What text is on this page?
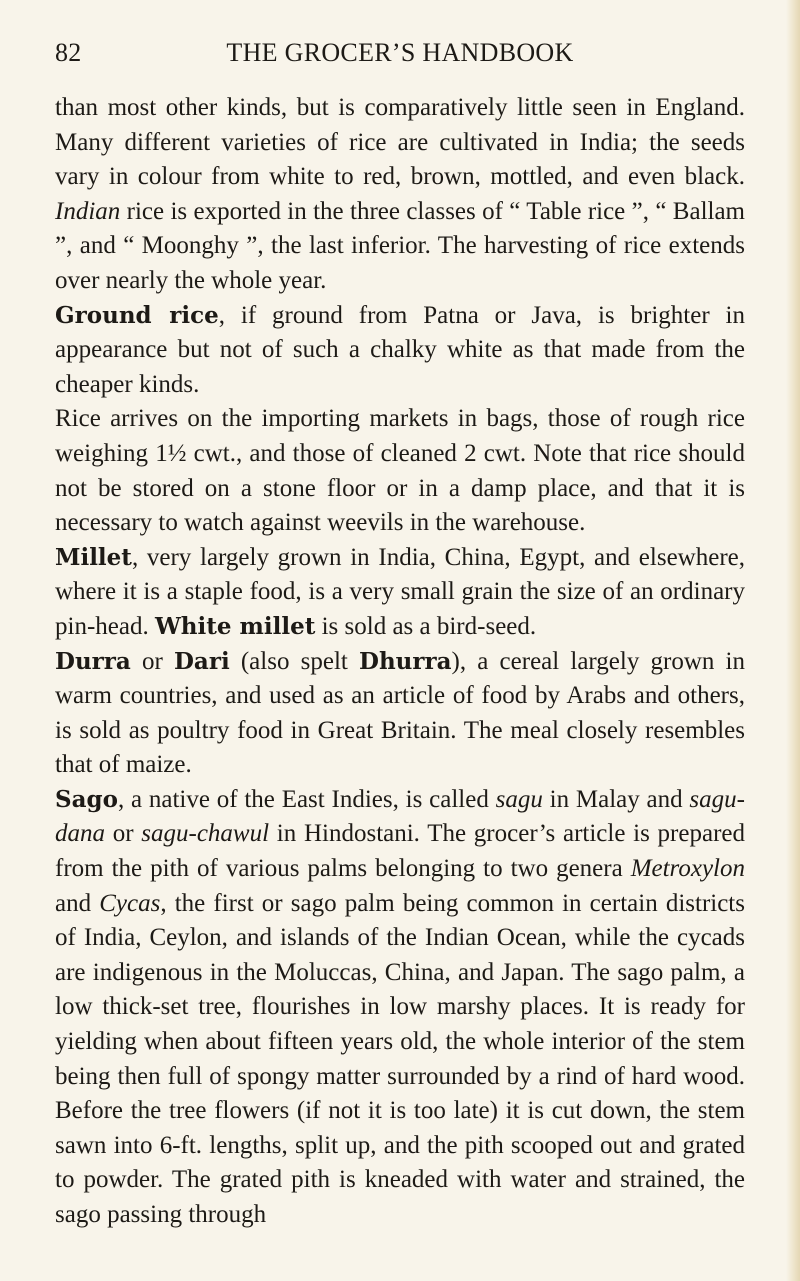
82	THE GROCER’S HANDBOOK

than most other kinds, but is comparatively little seen in England. Many different varieties of rice are cultivated in India; the seeds vary in colour from white to red, brown, mottled, and even black. Indian rice is exported in the three classes of “ Table rice ”, “ Ballam ”, and “ Moonghy ”, the last inferior. The harvesting of rice extends over nearly the whole year.

Ground rice, if ground from Patna or Java, is brighter in appearance but not of such a chalky white as that made from the cheaper kinds.

Rice arrives on the importing markets in bags, those of rough rice weighing 1½ cwt., and those of cleaned 2 cwt. Note that rice should not be stored on a stone floor or in a damp place, and that it is necessary to watch against weevils in the warehouse.

Millet, very largely grown in India, China, Egypt, and elsewhere, where it is a staple food, is a very small grain the size of an ordinary pin-head. White millet is sold as a bird-seed.

Durra or Dari (also spelt Dhurra), a cereal largely grown in warm countries, and used as an article of food by Arabs and others, is sold as poultry food in Great Britain. The meal closely resembles that of maize.

Sago, a native of the East Indies, is called sagu in Malay and sagu-dana or sagu-chawul in Hindostani. The grocer’s article is prepared from the pith of various palms belonging to two genera Metroxylon and Cycas, the first or sago palm being common in certain districts of India, Ceylon, and islands of the Indian Ocean, while the cycads are indigenous in the Moluccas, China, and Japan. The sago palm, a low thick-set tree, flourishes in low marshy places. It is ready for yielding when about fifteen years old, the whole interior of the stem being then full of spongy matter surrounded by a rind of hard wood. Before the tree flowers (if not it is too late) it is cut down, the stem sawn into 6-ft. lengths, split up, and the pith scooped out and grated to powder. The grated pith is kneaded with water and strained, the sago passing through
